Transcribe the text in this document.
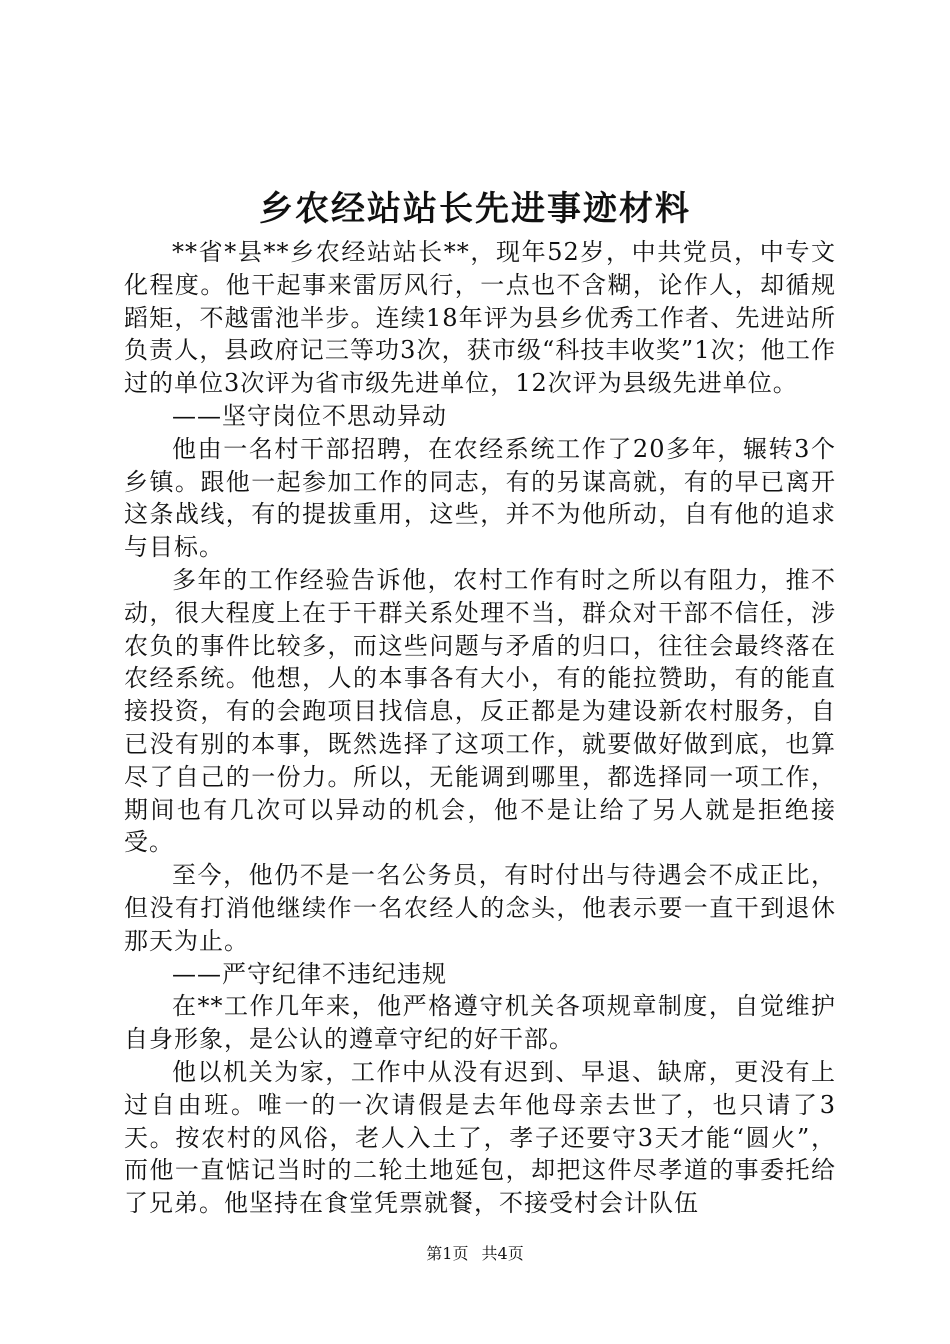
乡农经站站长先进事迹材料

**省*县**乡农经站站长**，现年52岁，中共党员，中专文化程度。他干起事来雷厉风行，一点也不含糊，论作人，却循规蹈矩，不越雷池半步。连续18年评为县乡优秀工作者、先进站所负责人，县政府记三等功3次，获市级“科技丰收奖”1次；他工作过的单位3次评为省市级先进单位，12次评为县级先进单位。

——坚守岗位不思动异动

他由一名村干部招聘，在农经系统工作了20多年，辗转3个乡镇。跟他一起参加工作的同志，有的另谋高就，有的早已离开这条战线，有的提拔重用，这些，并不为他所动，自有他的追求与目标。

多年的工作经验告诉他，农村工作有时之所以有阻力，推不动，很大程度上在于干群关系处理不当，群众对干部不信任，涉农负的事件比较多，而这些问题与矛盾的归口，往往会最终落在农经系统。他想，人的本事各有大小，有的能拉赞助，有的能直接投资，有的会跑项目找信息，反正都是为建设新农村服务，自已没有别的本事，既然选择了这项工作，就要做好做到底，也算尽了自己的一份力。所以，无能调到哪里，都选择同一项工作，期间也有几次可以异动的机会，他不是让给了另人就是拒绝接受。

至今，他仍不是一名公务员，有时付出与待遇会不成正比，但没有打消他继续作一名农经人的念头，他表示要一直干到退休那天为止。

——严守纪律不违纪违规

在**工作几年来，他严格遵守机关各项规章制度，自觉维护自身形象，是公认的遵章守纪的好干部。

他以机关为家，工作中从没有迟到、早退、缺席，更没有上过自由班。唯一的一次请假是去年他母亲去世了，也只请了3天。按农村的风俗，老人入土了，孝子还要守3天才能“圆火”，而他一直惦记当时的二轮土地延包，却把这件尽孝道的事委托给了兄弟。他坚持在食堂凭票就餐，不接受村会计队伍

第1页 共4页
